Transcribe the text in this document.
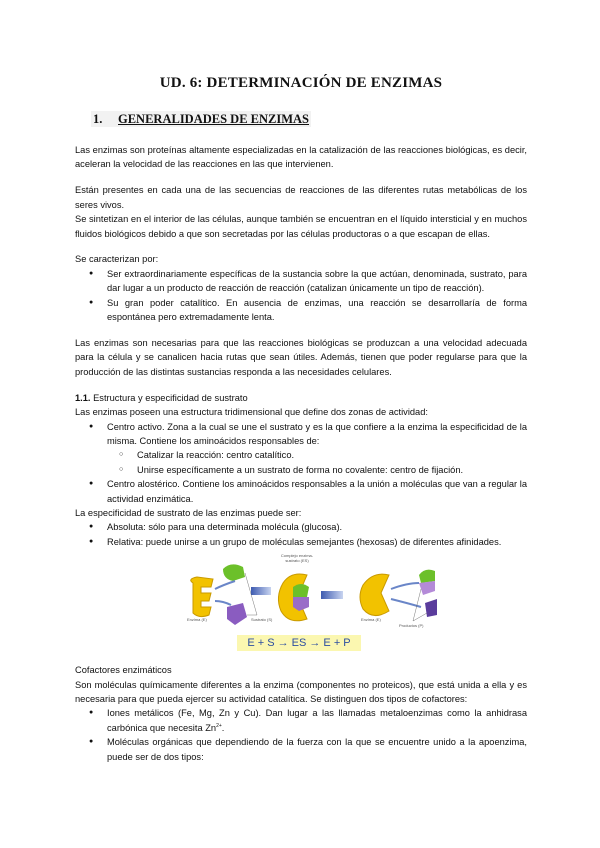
UD. 6: DETERMINACIÓN DE ENZIMAS
1. GENERALIDADES DE ENZIMAS

Las enzimas son proteínas altamente especializadas en la catalización de las reacciones biológicas, es decir, aceleran la velocidad de las reacciones en las que intervienen.

Están presentes en cada una de las secuencias de reacciones de las diferentes rutas metabólicas de los seres vivos.

Se sintetizan en el interior de las células, aunque también se encuentran en el líquido intersticial y en muchos fluidos biológicos debido a que son secretadas por las células productoras o a que escapan de ellas.

Se caracterizan por:

● Ser extraordinariamente específicas de la sustancia sobre la que actúan, denominada, sustrato, para dar lugar a un producto de reacción de reacción (catalizan únicamente un tipo de reacción).
● Su gran poder catalítico. En ausencia de enzimas, una reacción se desarrollaría de forma espontánea pero extremadamente lenta.

Las enzimas son necesarias para que las reacciones biológicas se produzcan a una velocidad adecuada para la célula y se canalicen hacia rutas que sean útiles. Además, tienen que poder regularse para que la producción de las distintas sustancias responda a las necesidades celulares.

1.1. Estructura y especificidad de sustrato

Las enzimas poseen una estructura tridimensional que define dos zonas de actividad:

● Centro activo. Zona a la cual se une el sustrato y es la que confiere a la enzima la especificidad de la misma. Contiene los aminoácidos responsables de:
○ Catalizar la reacción: centro catalítico.
○ Unirse específicamente a un sustrato de forma no covalente: centro de fijación.
● Centro alostérico. Contiene los aminoácidos responsables a la unión a moléculas que van a regular la actividad enzimática.

La especificidad de sustrato de las enzimas puede ser:

● Absoluta: sólo para una determinada molécula (glucosa).
● Relativa: puede unirse a un grupo de moléculas semejantes (hexosas) de diferentes afinidades.
Enzima (E)	Sustrato (S)
Complejo enzima-sustrato (ES)
Enzima (E)
Productos (P)
E + S → ES → E + P

Cofactores enzimáticos

Son moléculas químicamente diferentes a la enzima (componentes no proteicos), que está unida a ella y es necesaria para que pueda ejercer su actividad catalítica. Se distinguen dos tipos de cofactores:

● Iones metálicos (Fe, Mg, Zn y Cu). Dan lugar a las llamadas metaloenzimas como la anhidrasa carbónica que necesita $Zn^{2+}$.
● Moléculas orgánicas que dependiendo de la fuerza con la que se encuentre unido a la apoenzima, puede ser de dos tipos:
